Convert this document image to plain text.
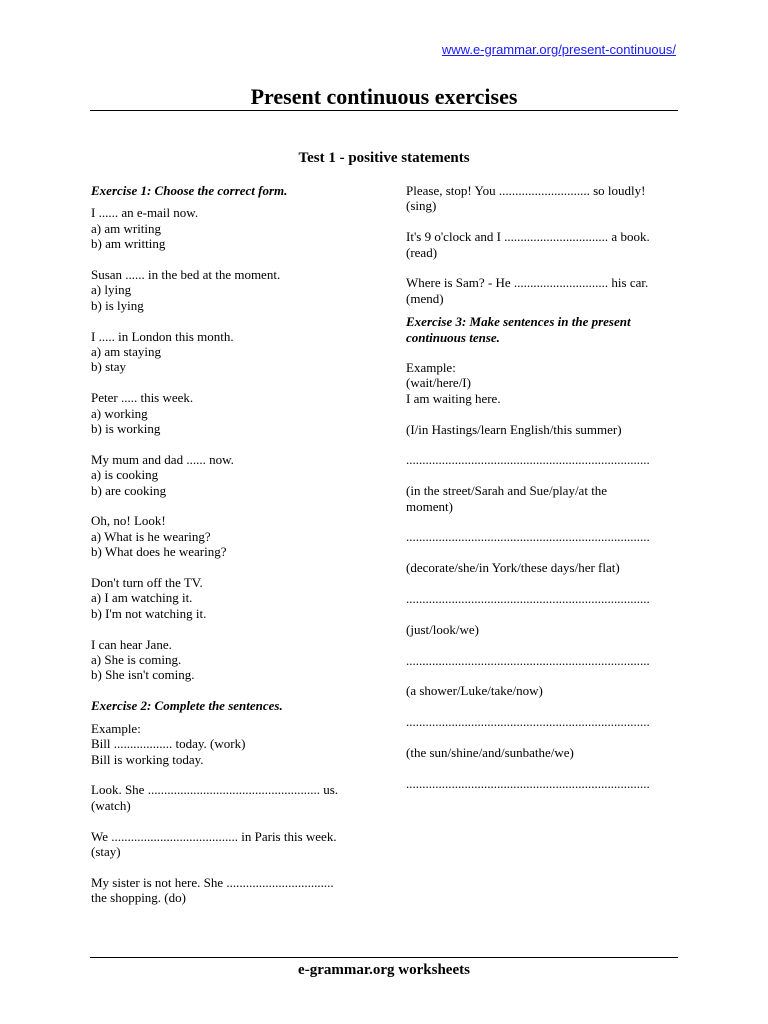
www.e-grammar.org/present-continuous/
Present continuous exercises
Test 1 - positive statements
Exercise 1: Choose the correct form.
I ...... an e-mail now.
a) am writing
b) am writting
Susan ...... in the bed at the moment.
a) lying
b) is lying
I ..... in London this month.
a) am staying
b) stay
Peter ..... this week.
a) working
b) is working
My mum and dad ...... now.
a) is cooking
b) are cooking
Oh, no! Look!
a) What is he wearing?
b) What does he wearing?
Don't turn off the TV.
a) I am watching it.
b) I'm not watching it.
I can hear Jane.
a) She is coming.
b) She isn't coming.
Exercise 2: Complete the sentences.
Example:
Bill .................. today. (work)
Bill is working today.
Look. She ..................................................... us.
(watch)
We ....................................... in Paris this week.
(stay)
My sister is not here. She .................................
the shopping. (do)
Please, stop! You ............................ so loudly!
(sing)
It's 9 o'clock and I ................................ a book.
(read)
Where is Sam? - He ............................. his car.
(mend)
Exercise 3: Make sentences in the present
continuous tense.
Example:
(wait/here/I)
I am waiting here.
(I/in Hastings/learn English/this summer)

...........................................................................
(in the street/Sarah and Sue/play/at the
moment)

...........................................................................
(decorate/she/in York/these days/her flat)

...........................................................................
(just/look/we)

...........................................................................
(a shower/Luke/take/now)

...........................................................................
(the sun/shine/and/sunbathe/we)

...........................................................................
e-grammar.org worksheets
